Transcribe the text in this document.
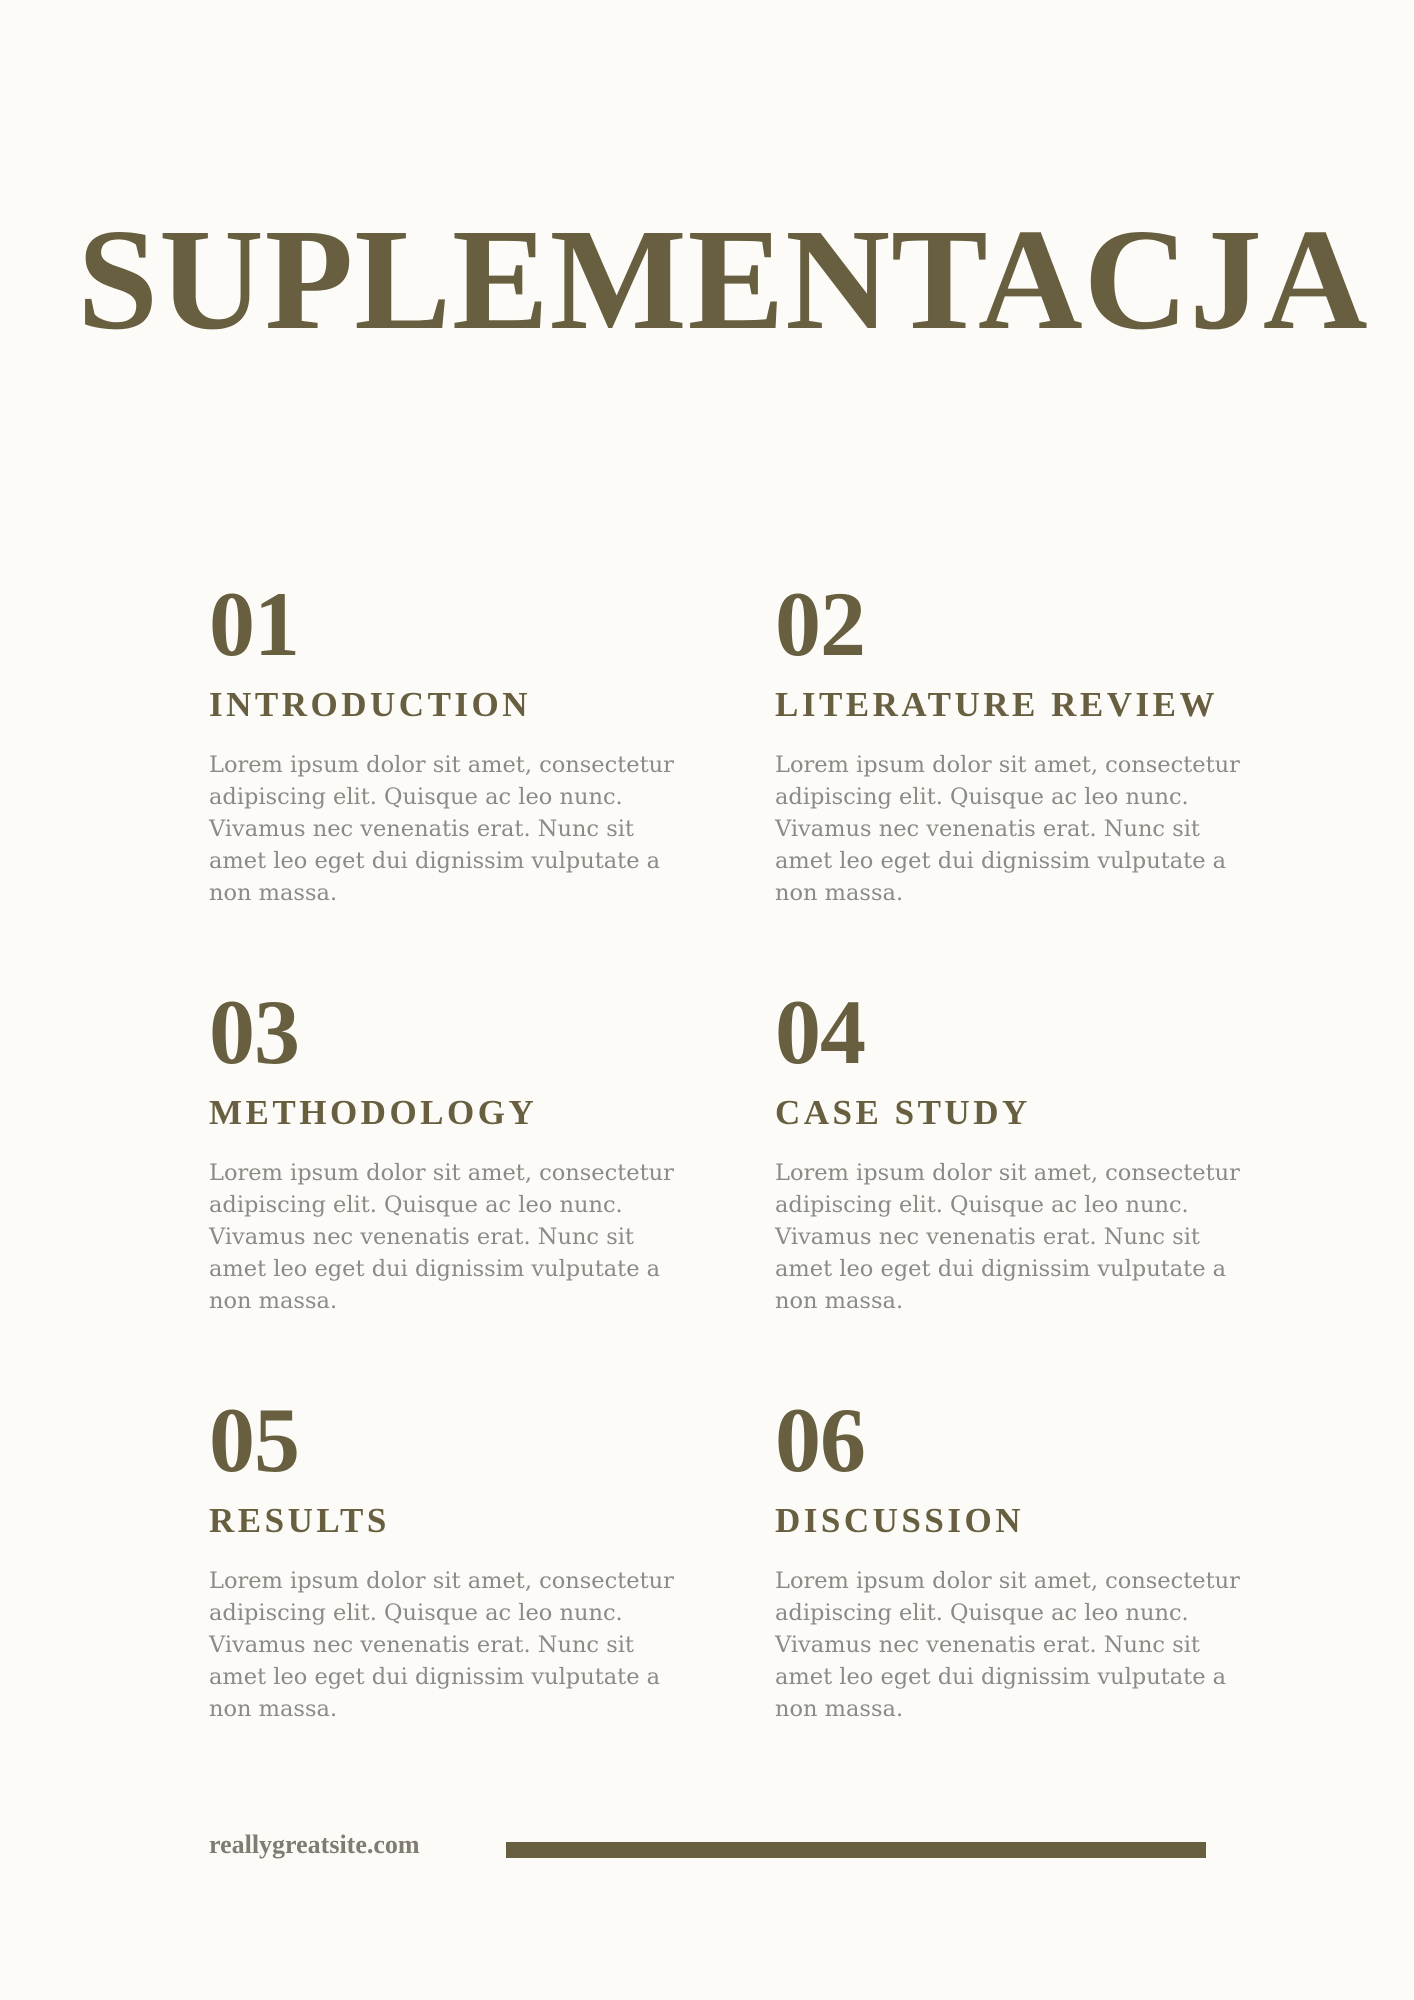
SUPLEMENTACJA
01
INTRODUCTION
Lorem ipsum dolor sit amet, consectetur adipiscing elit. Quisque ac leo nunc. Vivamus nec venenatis erat. Nunc sit amet leo eget dui dignissim vulputate a non massa.
02
LITERATURE REVIEW
Lorem ipsum dolor sit amet, consectetur adipiscing elit. Quisque ac leo nunc. Vivamus nec venenatis erat. Nunc sit amet leo eget dui dignissim vulputate a non massa.
03
METHODOLOGY
Lorem ipsum dolor sit amet, consectetur adipiscing elit. Quisque ac leo nunc. Vivamus nec venenatis erat. Nunc sit amet leo eget dui dignissim vulputate a non massa.
04
CASE STUDY
Lorem ipsum dolor sit amet, consectetur adipiscing elit. Quisque ac leo nunc. Vivamus nec venenatis erat. Nunc sit amet leo eget dui dignissim vulputate a non massa.
05
RESULTS
Lorem ipsum dolor sit amet, consectetur adipiscing elit. Quisque ac leo nunc. Vivamus nec venenatis erat. Nunc sit amet leo eget dui dignissim vulputate a non massa.
06
DISCUSSION
Lorem ipsum dolor sit amet, consectetur adipiscing elit. Quisque ac leo nunc. Vivamus nec venenatis erat. Nunc sit amet leo eget dui dignissim vulputate a non massa.
reallygreatsite.com
